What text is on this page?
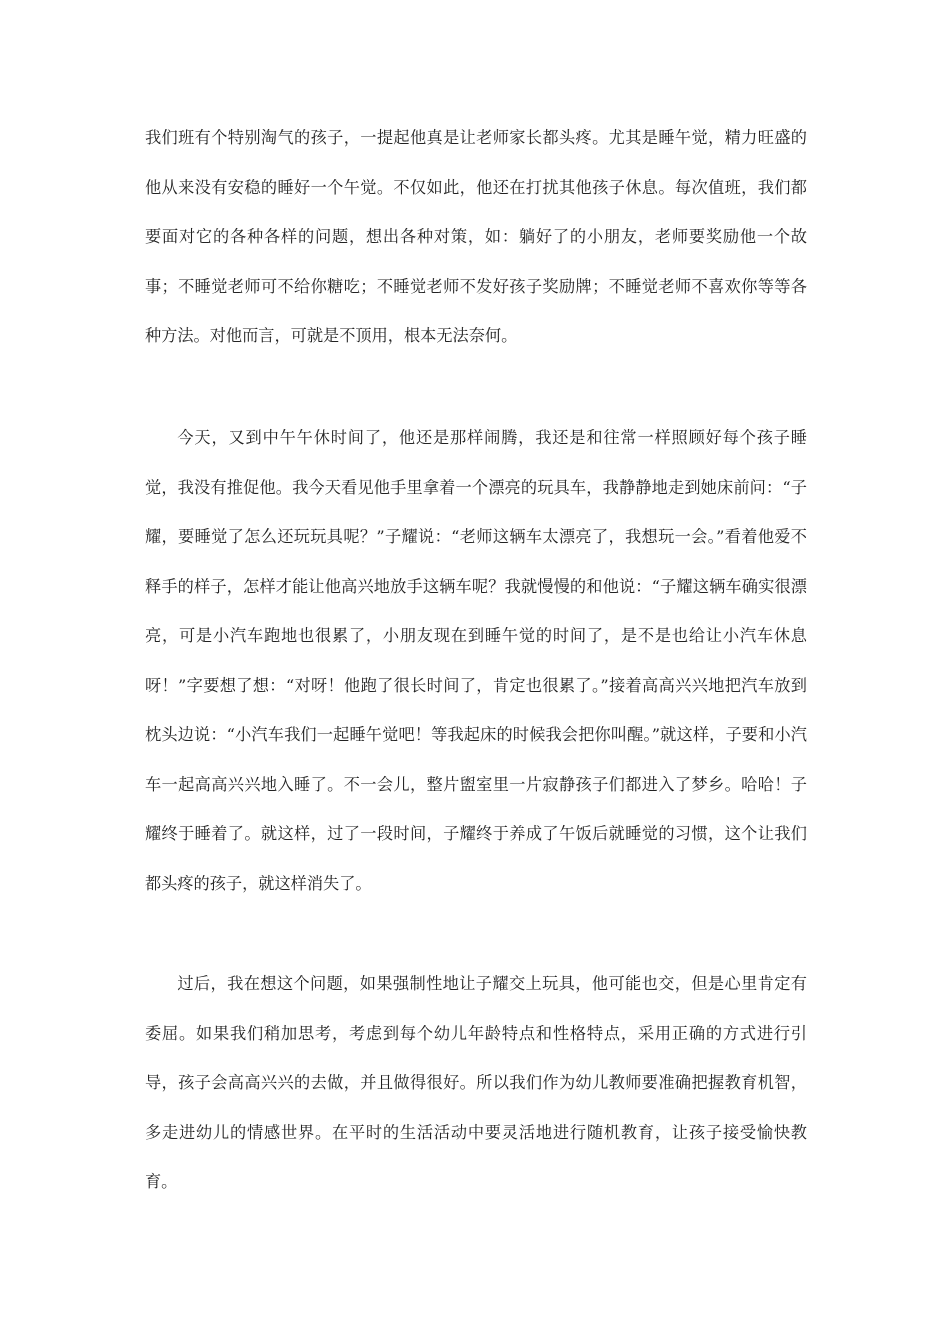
我们班有个特别淘气的孩子，一提起他真是让老师家长都头疼。尤其是睡午觉，精力旺盛的他从来没有安稳的睡好一个午觉。不仅如此，他还在打扰其他孩子休息。每次值班，我们都要面对它的各种各样的问题，想出各种对策，如：躺好了的小朋友，老师要奖励他一个故事；不睡觉老师可不给你糖吃；不睡觉老师不发好孩子奖励牌；不睡觉老师不喜欢你等等各种方法。对他而言，可就是不顶用，根本无法奈何。

今天，又到中午午休时间了，他还是那样闹腾，我还是和往常一样照顾好每个孩子睡觉，我没有推促他。我今天看见他手里拿着一个漂亮的玩具车，我静静地走到她床前问：“子耀，要睡觉了怎么还玩玩具呢？”子耀说：“老师这辆车太漂亮了，我想玩一会。”看着他爱不释手的样子，怎样才能让他高兴地放手这辆车呢？我就慢慢的和他说：“子耀这辆车确实很漂亮，可是小汽车跑地也很累了，小朋友现在到睡午觉的时间了，是不是也给让小汽车休息呀！”字要想了想：“对呀！他跑了很长时间了，肯定也很累了。”接着高高兴兴地把汽车放到枕头边说：“小汽车我们一起睡午觉吧！等我起床的时候我会把你叫醒。”就这样，子要和小汽车一起高高兴兴地入睡了。不一会儿，整片盥室里一片寂静孩子们都进入了梦乡。哈哈！子耀终于睡着了。就这样，过了一段时间，子耀终于养成了午饭后就睡觉的习惯，这个让我们都头疼的孩子，就这样消失了。

过后，我在想这个问题，如果强制性地让子耀交上玩具，他可能也交，但是心里肯定有委屈。如果我们稍加思考，考虑到每个幼儿年龄特点和性格特点，采用正确的方式进行引导，孩子会高高兴兴的去做，并且做得很好。所以我们作为幼儿教师要准确把握教育机智，多走进幼儿的情感世界。在平时的生活活动中要灵活地进行随机教育，让孩子接受愉快教育。
